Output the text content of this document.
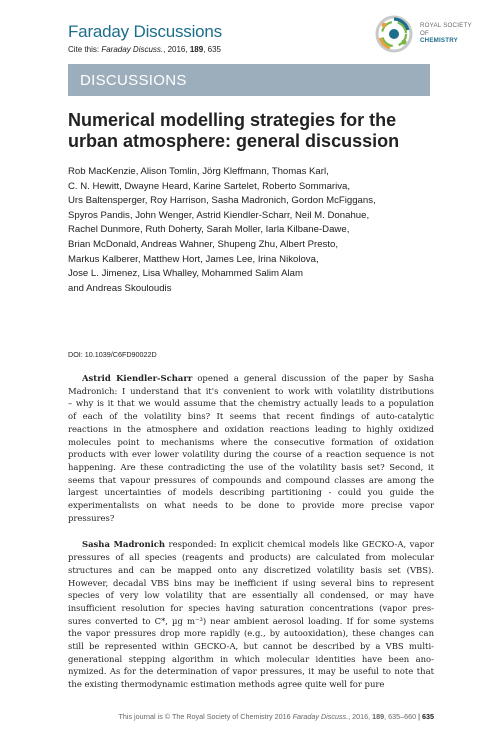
Faraday Discussions
Cite this: Faraday Discuss., 2016, 189, 635
ROYAL SOCIETY
OF
CHEMISTRY
DISCUSSIONS
Numerical modelling strategies for the
urban atmosphere: general discussion
Rob MacKenzie, Alison Tomlin, Jörg Kleffmann, Thomas Karl,
C. N. Hewitt, Dwayne Heard, Karine Sartelet, Roberto Sommariva,
Urs Baltensperger, Roy Harrison, Sasha Madronich, Gordon McFiggans,
Spyros Pandis, John Wenger, Astrid Kiendler-Scharr, Neil M. Donahue,
Rachel Dunmore, Ruth Doherty, Sarah Moller, Iarla Kilbane-Dawe,
Brian McDonald, Andreas Wahner, Shupeng Zhu, Albert Presto,
Markus Kalberer, Matthew Hort, James Lee, Irina Nikolova,
Jose L. Jimenez, Lisa Whalley, Mohammed Salim Alam
and Andreas Skouloudis
DOI: 10.1039/C6FD90022D
Astrid Kiendler-Scharr opened a general discussion of the paper by Sasha
Madronich: I understand that it's convenient to work with volatility distributions
– why is it that we would assume that the chemistry actually leads to a population
of each of the volatility bins? It seems that recent findings of auto-catalytic
reactions in the atmosphere and oxidation reactions leading to highly oxidized
molecules point to mechanisms where the consecutive formation of oxidation
products with ever lower volatility during the course of a reaction sequence is not
happening. Are these contradicting the use of the volatility basis set? Second, it
seems that vapour pressures of compounds and compound classes are among the
largest uncertainties of models describing partitioning - could you guide the
experimentalists on what needs to be done to provide more precise vapor
pressures?
Sasha Madronich responded: In explicit chemical models like GECKO-A, vapor
pressures of all species (reagents and products) are calculated from molecular
structures and can be mapped onto any discretized volatility basis set (VBS).
However, decadal VBS bins may be inefficient if using several bins to represent
species of very low volatility that are essentially all condensed, or may have
insufficient resolution for species having saturation concentrations (vapor pres-
sures converted to C*, µg m⁻³) near ambient aerosol loading. If for some systems
the vapor pressures drop more rapidly (e.g., by autooxidation), these changes can
still be represented within GECKO-A, but cannot be described by a VBS multi-
generational stepping algorithm in which molecular identities have been ano-
nymized. As for the determination of vapor pressures, it may be useful to note that
the existing thermodynamic estimation methods agree quite well for pure
This journal is © The Royal Society of Chemistry 2016 Faraday Discuss., 2016, 189, 635–660 | 635
